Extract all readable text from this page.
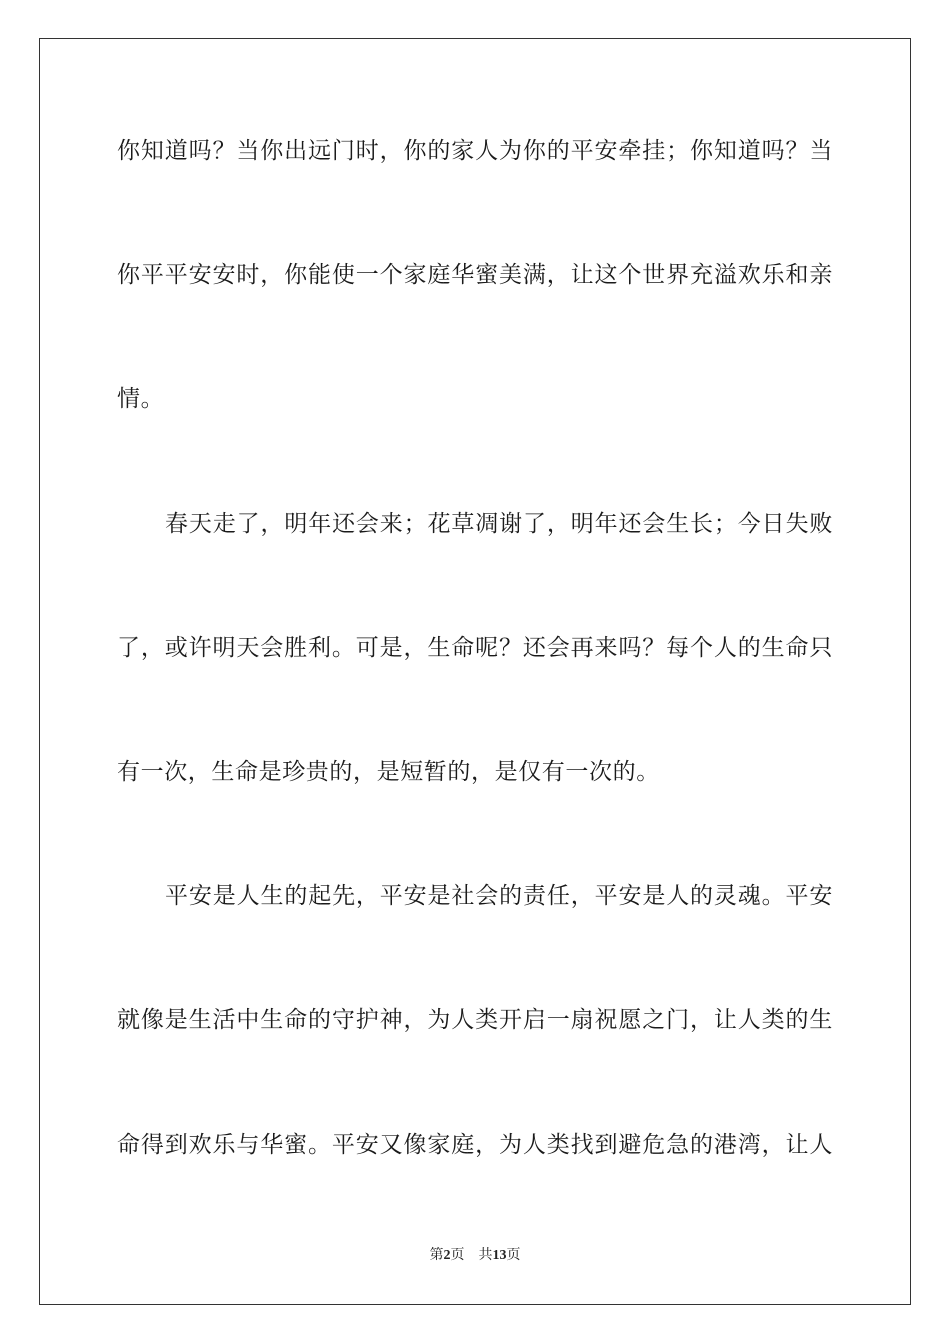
你知道吗？当你出远门时，你的家人为你的平安牵挂；你知道吗？当
你平平安安时，你能使一个家庭华蜜美满，让这个世界充溢欢乐和亲
情。
春天走了，明年还会来；花草凋谢了，明年还会生长；今日失败
了，或许明天会胜利。可是，生命呢？还会再来吗？每个人的生命只
有一次，生命是珍贵的，是短暂的，是仅有一次的。
平安是人生的起先，平安是社会的责任，平安是人的灵魂。平安
就像是生活中生命的守护神，为人类开启一扇祝愿之门，让人类的生
命得到欢乐与华蜜。平安又像家庭，为人类找到避危急的港湾，让人
第2页 共13页
